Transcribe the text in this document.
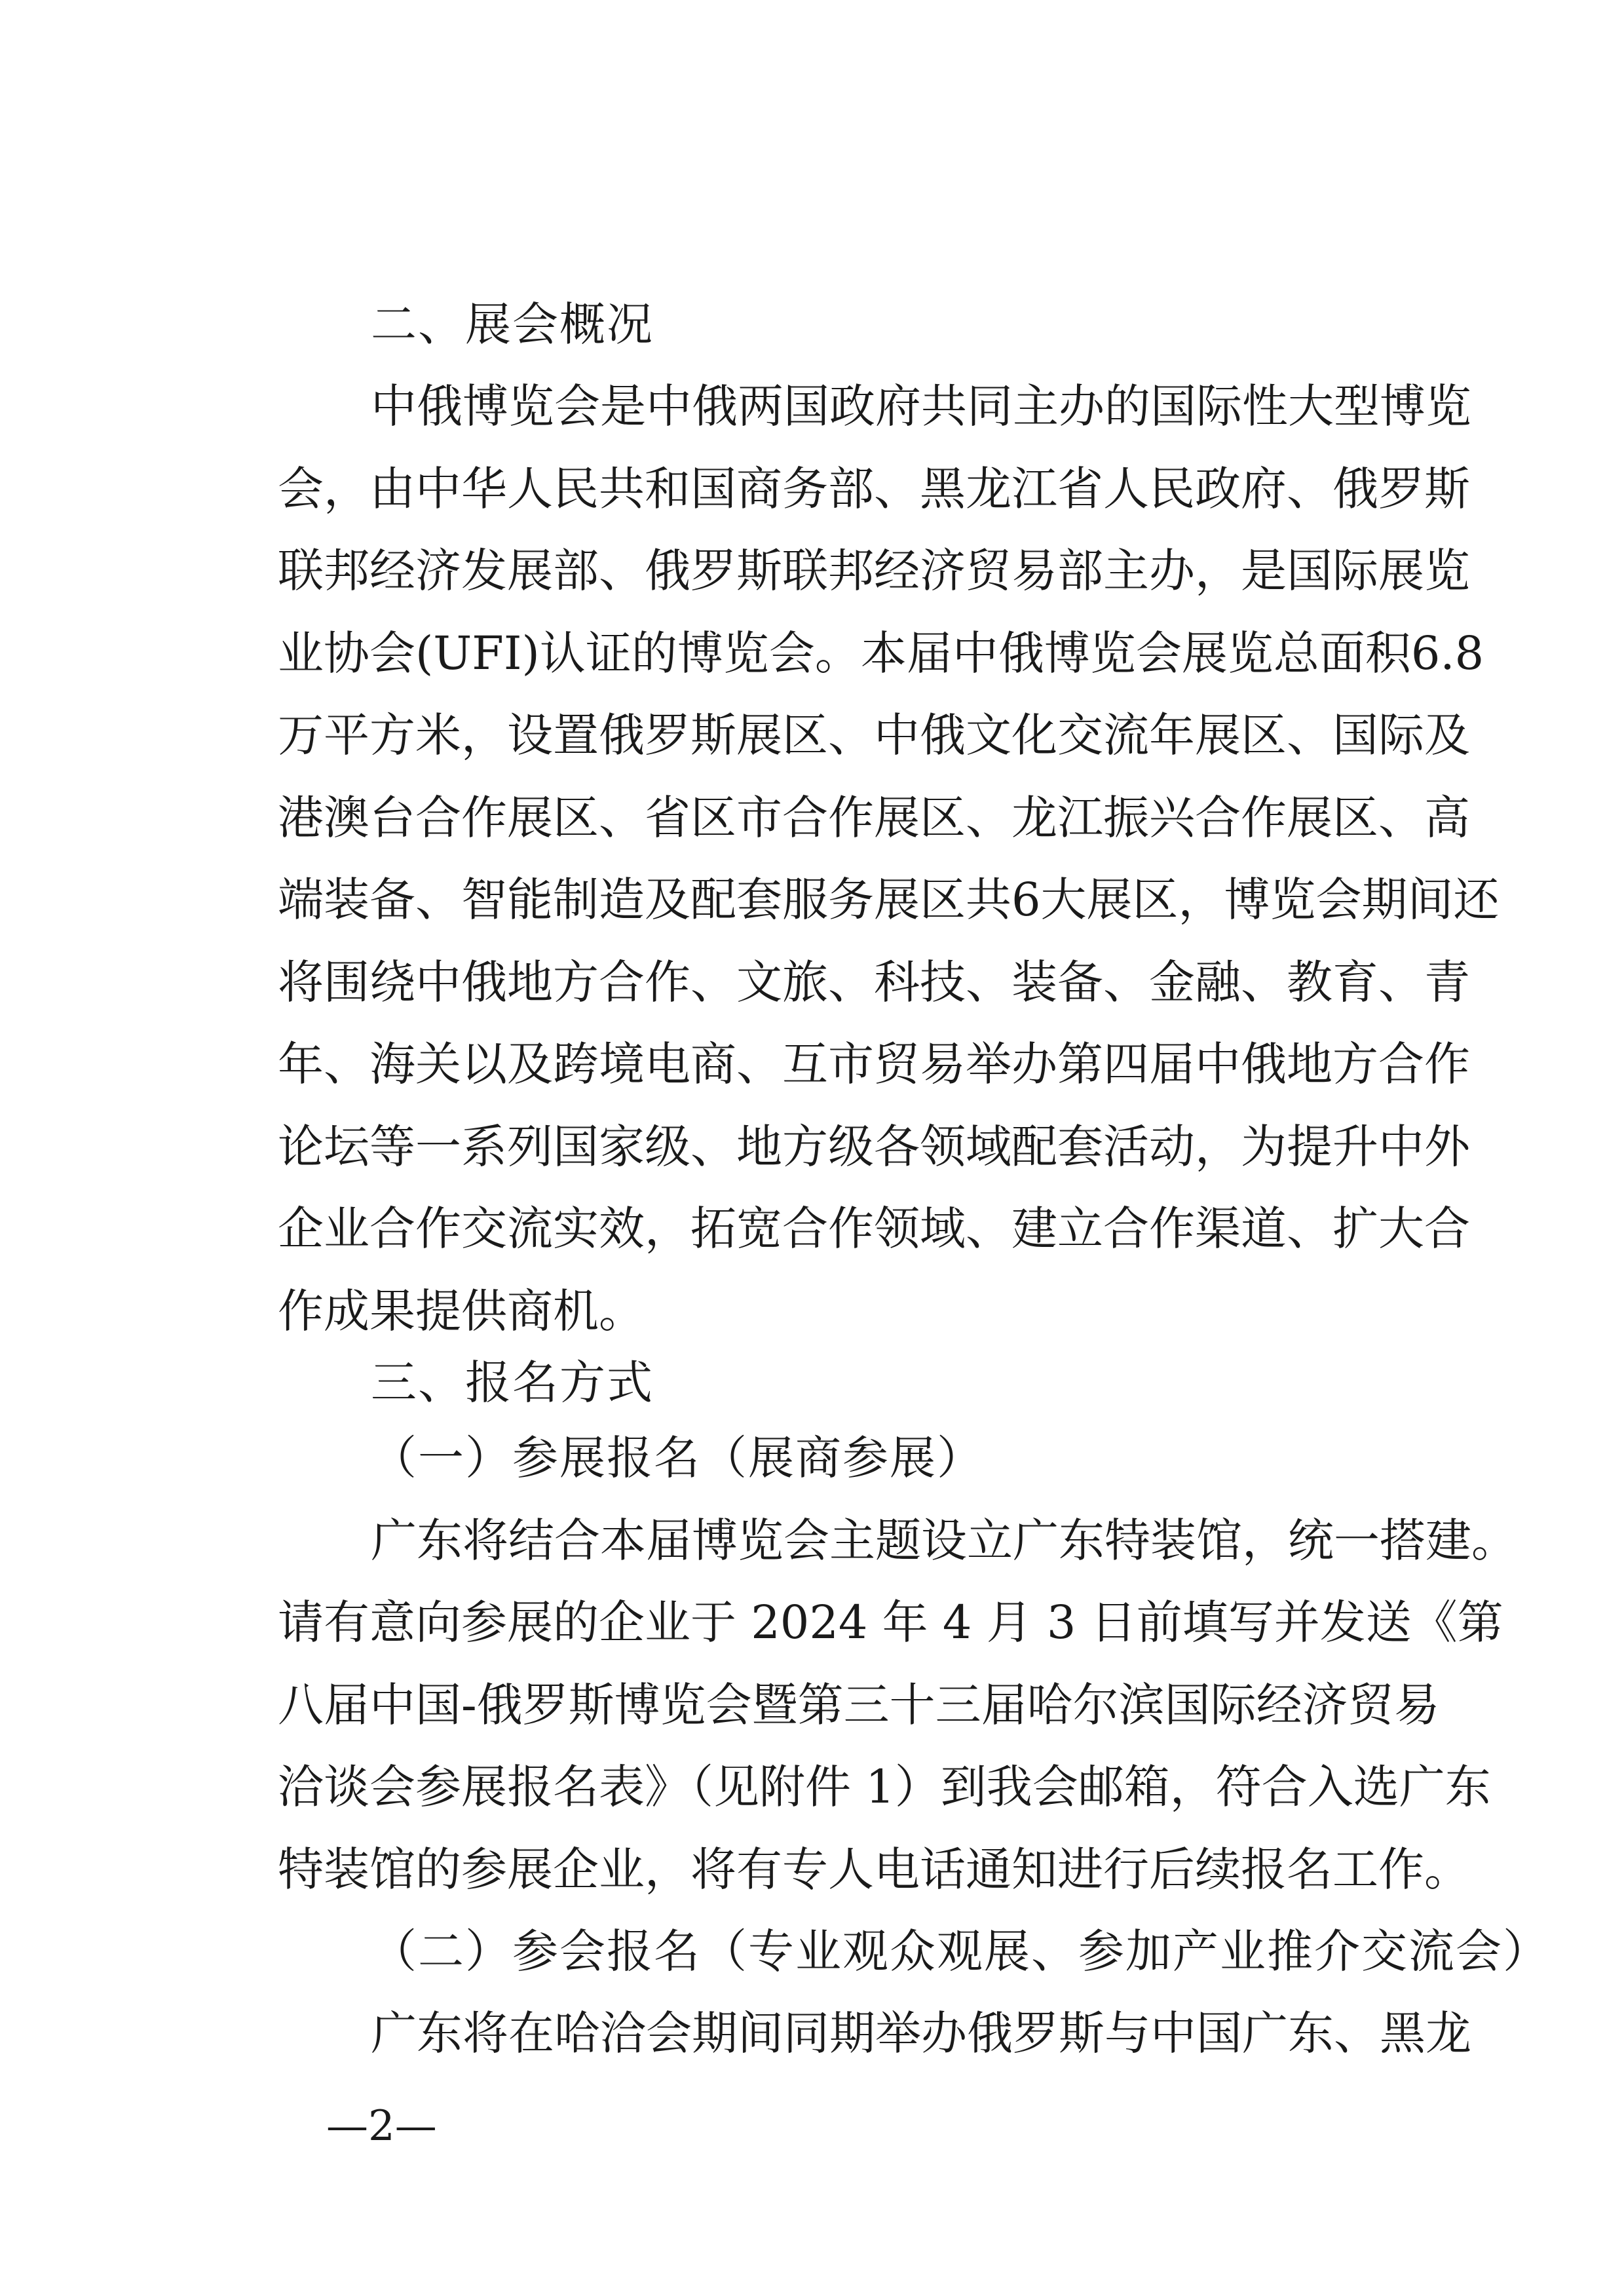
二、展会概况
中俄博览会是中俄两国政府共同主办的国际性大型博览
会，由中华人民共和国商务部、黑龙江省人民政府、俄罗斯
联邦经济发展部、俄罗斯联邦经济贸易部主办，是国际展览
业协会(UFI)认证的博览会。本届中俄博览会展览总面积6.8
万平方米，设置俄罗斯展区、中俄文化交流年展区、国际及
港澳台合作展区、省区市合作展区、龙江振兴合作展区、高
端装备、智能制造及配套服务展区共6大展区，博览会期间还
将围绕中俄地方合作、文旅、科技、装备、金融、教育、青
年、海关以及跨境电商、互市贸易举办第四届中俄地方合作
论坛等一系列国家级、地方级各领域配套活动，为提升中外
企业合作交流实效，拓宽合作领域、建立合作渠道、扩大合
作成果提供商机。
三、报名方式
（一）参展报名（展商参展）
广东将结合本届博览会主题设立广东特装馆，统一搭建。
请有意向参展的企业于 2024 年 4 月 3 日前填写并发送《第
八届中国-俄罗斯博览会暨第三十三届哈尔滨国际经济贸易
洽谈会参展报名表》（见附件 1）到我会邮箱，符合入选广东
特装馆的参展企业，将有专人电话通知进行后续报名工作。
（二）参会报名（专业观众观展、参加产业推介交流会）
广东将在哈洽会期间同期举办俄罗斯与中国广东、黑龙
—2—
